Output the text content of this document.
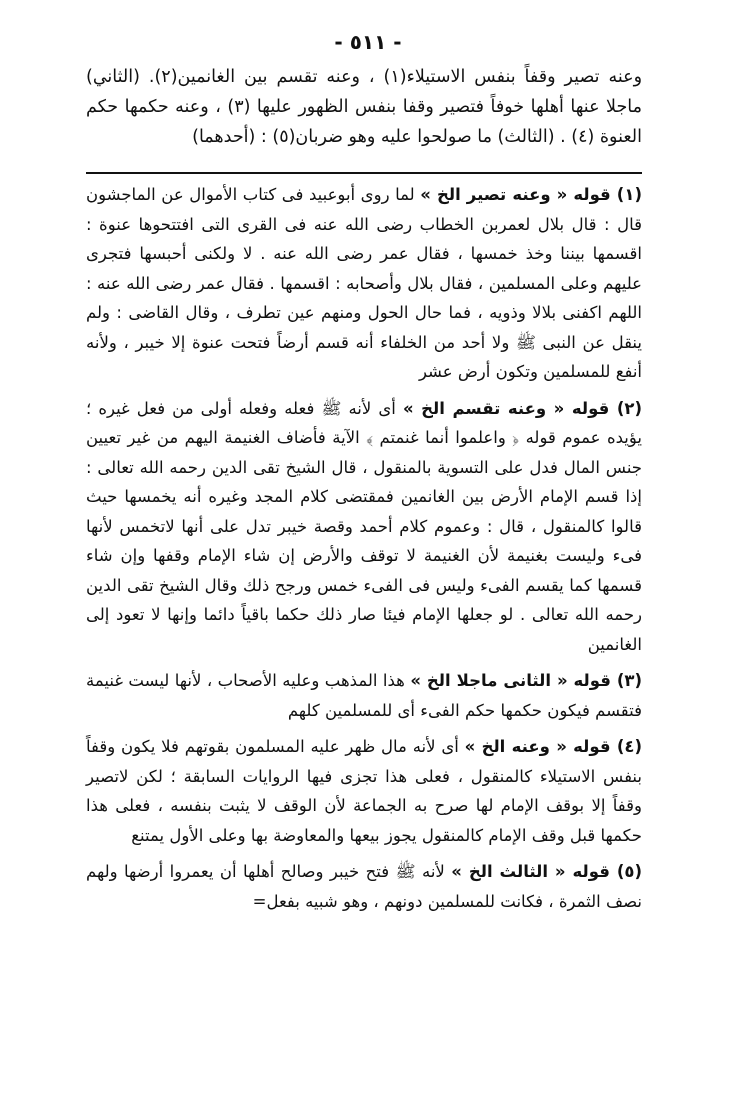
- ٥١١ -

وعنه تصير وقفاً بنفس الاستيلاء(١) ، وعنه تقسم بين الغانمين(٢). (الثاني) ماجلا عنها أهلها خوفاً فتصير وقفا بنفس الظهور عليها (٣) ، وعنه حكمها حكم العنوة (٤) . (الثالث) ما صولحوا عليه وهو ضربان(٥) : (أحدهما)

(١) قوله « وعنه تصير الخ » لما روى أبوعبيد فى كتاب الأموال عن الماجشون قال : قال بلال لعمربن الخطاب رضى الله عنه فى القرى التى افتتحوها عنوة : اقسمها بيننا وخذ خمسها ، فقال عمر رضى الله عنه . لا ولكنى أحبسها فتجرى عليهم وعلى المسلمين ، فقال بلال وأصحابه : اقسمها . فقال عمر رضى الله عنه : اللهم اكفنى بلالا وذويه ، فما حال الحول ومنهم عين تطرف ، وقال القاضى : ولم ينقل عن النبى ﷺ ولا أحد من الخلفاء أنه قسم أرضاً فتحت عنوة إلا خيبر ، ولأنه أنفع للمسلمين وتكون أرض عشر

(٢) قوله « وعنه تقسم الخ » أى لأنه ﷺ فعله وفعله أولى من فعل غيره ؛ يؤيده عموم قوله ﴿ واعلموا أنما غنمتم ﴾ الآية فأضاف الغنيمة اليهم من غير تعيين جنس المال فدل على التسوية بالمنقول ، قال الشيخ تقى الدين رحمه الله تعالى : إذا قسم الإمام الأرض بين الغانمين فمقتضى كلام المجد وغيره أنه يخمسها حيث قالوا كالمنقول ، قال : وعموم كلام أحمد وقصة خيبر تدل على أنها لاتخمس لأنها فىء وليست بغنيمة لأن الغنيمة لا توقف والأرض إن شاء الإمام وقفها وإن شاء قسمها كما يقسم الفىء وليس فى الفىء خمس ورجح ذلك وقال الشيخ تقى الدين رحمه الله تعالى . لو جعلها الإمام فيئا صار ذلك حكما باقياً دائما وإنها لا تعود إلى الغانمين

(٣) قوله « الثانى ماجلا الخ » هذا المذهب وعليه الأصحاب ، لأنها ليست غنيمة فتقسم فيكون حكمها حكم الفىء أى للمسلمين كلهم

(٤) قوله « وعنه الخ » أى لأنه مال ظهر عليه المسلمون بقوتهم فلا يكون وقفاً بنفس الاستيلاء كالمنقول ، فعلى هذا تجزى فيها الروايات السابقة ؛ لكن لاتصير وقفاً إلا بوقف الإمام لها صرح به الجماعة لأن الوقف لا يثبت بنفسه ، فعلى هذا حكمها قبل وقف الإمام كالمنقول يجوز بيعها والمعاوضة بها وعلى الأول يمتنع

(٥) قوله « الثالث الخ » لأنه ﷺ فتح خيبر وصالح أهلها أن يعمروا أرضها ولهم نصف الثمرة ، فكانت للمسلمين دونهم ، وهو شبيه بفعل=
